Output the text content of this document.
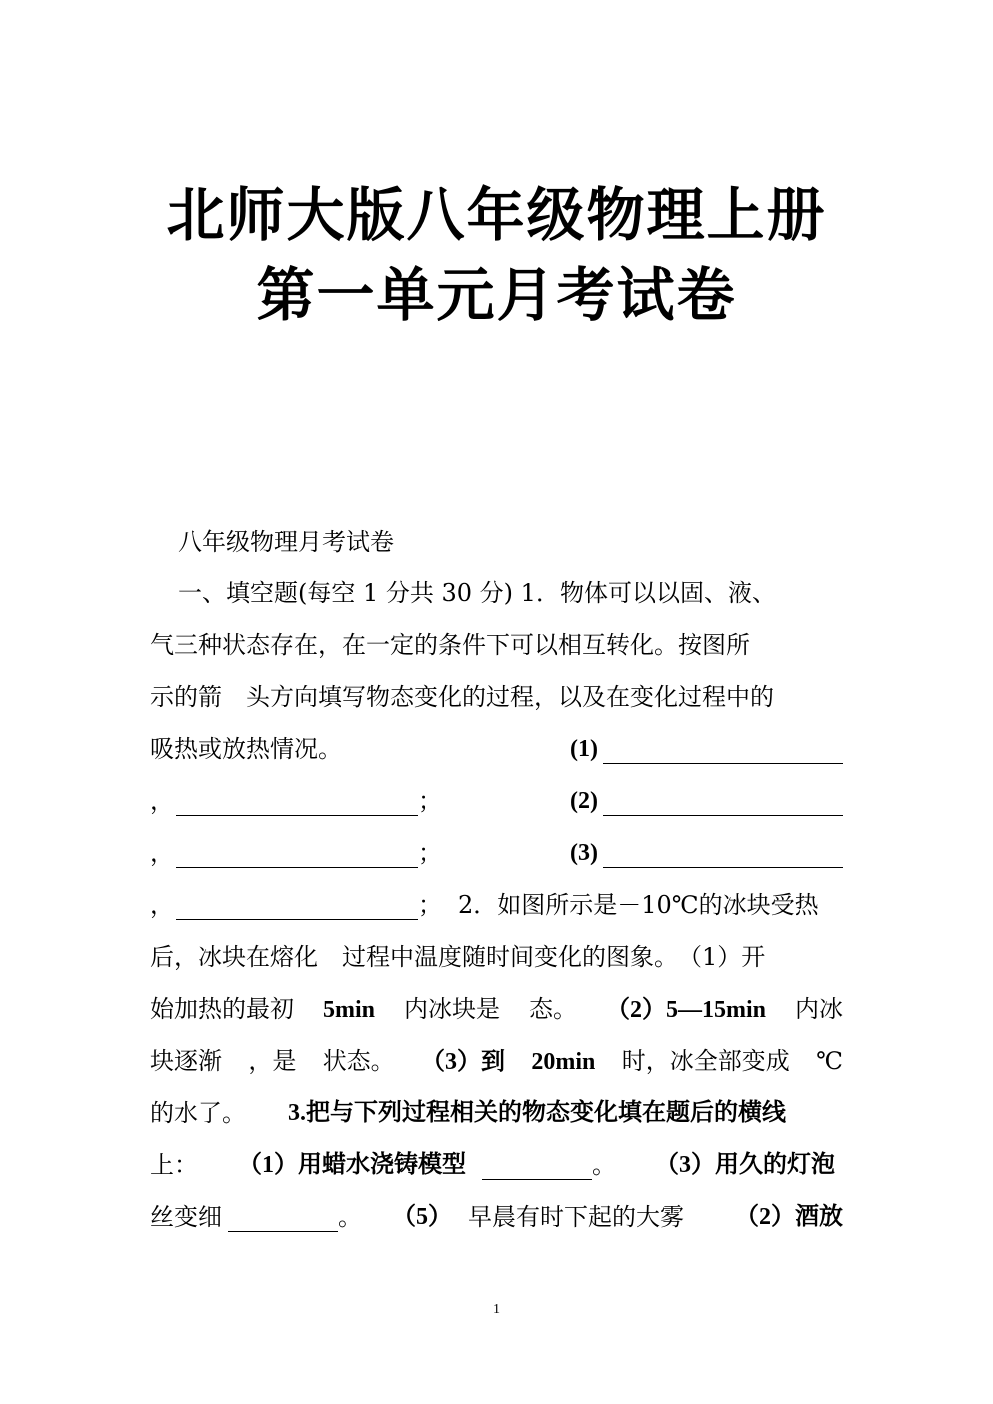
北师大版八年级物理上册
第一单元月考试卷
八年级物理月考试卷
一、填空题(每空 1 分共 30 分) 1．物体可以以固、液、
气三种状态存在，在一定的条件下可以相互转化。按图所
示的箭　头方向填写物态变化的过程，以及在变化过程中的
吸热或放热情况。	(1)
，	；	(2)
，	；	(3)
，	； 2．如图所示是－10℃的冰块受热
后，冰块在熔化　过程中温度随时间变化的图象。　（1）开
始加热的最初 5min 内冰块是 态。 （2）5—15min 内冰
块逐渐 ，是 状态。 （3）到 20min 时，冰全部变成 ℃
的水了。 3.把与下列过程相关的物态变化填在题后的横线
上： （1）用蜡水浇铸模型	。 （3）用久的灯泡
丝变细	。 （5） 早晨有时下起的大雾 （2）酒放
1
